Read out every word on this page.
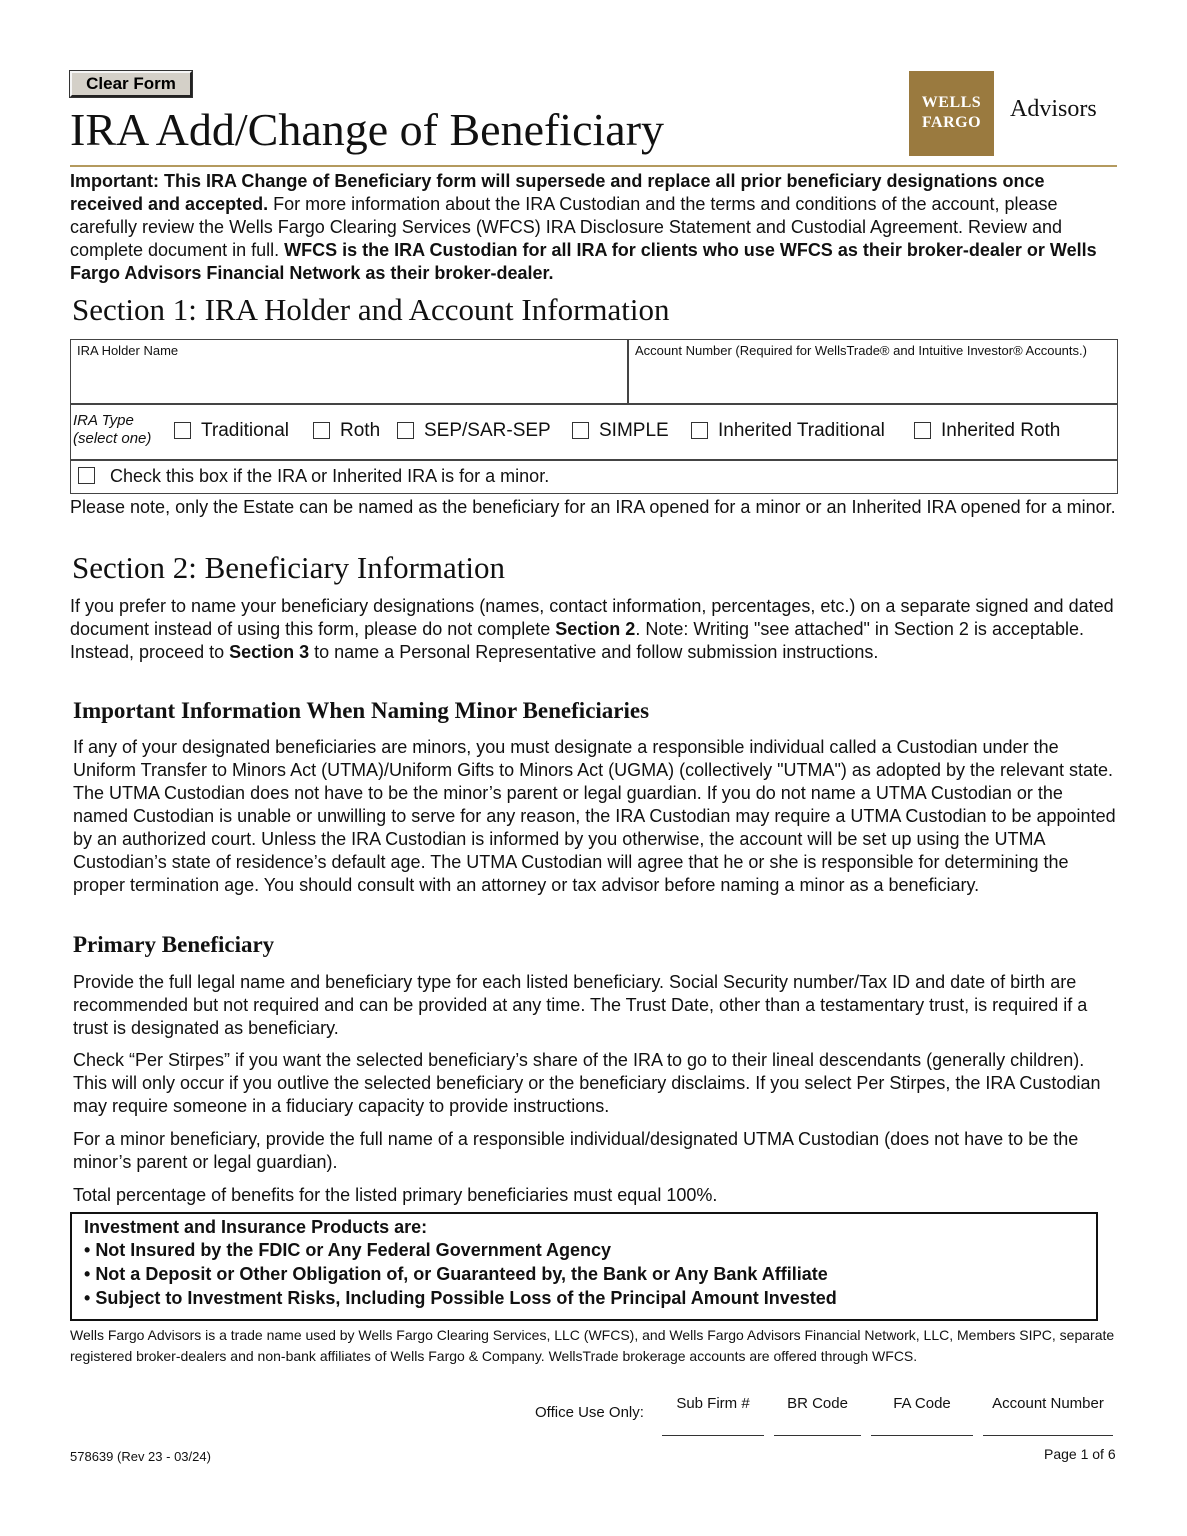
Clear Form
IRA Add/Change of Beneficiary
WELLS
FARGO
Advisors
Important: This IRA Change of Beneficiary form will supersede and replace all prior beneficiary designations once received and accepted. For more information about the IRA Custodian and the terms and conditions of the account, please carefully review the Wells Fargo Clearing Services (WFCS) IRA Disclosure Statement and Custodial Agreement. Review and complete document in full. WFCS is the IRA Custodian for all IRA for clients who use WFCS as their broker-dealer or Wells Fargo Advisors Financial Network as their broker-dealer.
Section 1: IRA Holder and Account Information
IRA Holder Name	Account Number (Required for WellsTrade® and Intuitive Investor® Accounts.)
IRA Type
(select one)	Traditional	Roth SEP/SAR-SEP	SIMPLE	Inherited Traditional	Inherited Roth
Check this box if the IRA or Inherited IRA is for a minor.
Please note, only the Estate can be named as the beneficiary for an IRA opened for a minor or an Inherited IRA opened for a minor.
Section 2: Beneficiary Information
If you prefer to name your beneficiary designations (names, contact information, percentages, etc.) on a separate signed and dated document instead of using this form, please do not complete Section 2. Note: Writing "see attached" in Section 2 is acceptable. Instead, proceed to Section 3 to name a Personal Representative and follow submission instructions.
Important Information When Naming Minor Beneficiaries
If any of your designated beneficiaries are minors, you must designate a responsible individual called a Custodian under the Uniform Transfer to Minors Act (UTMA)/Uniform Gifts to Minors Act (UGMA) (collectively "UTMA") as adopted by the relevant state. The UTMA Custodian does not have to be the minor’s parent or legal guardian. If you do not name a UTMA Custodian or the named Custodian is unable or unwilling to serve for any reason, the IRA Custodian may require a UTMA Custodian to be appointed by an authorized court. Unless the IRA Custodian is informed by you otherwise, the account will be set up using the UTMA Custodian’s state of residence’s default age. The UTMA Custodian will agree that he or she is responsible for determining the proper termination age. You should consult with an attorney or tax advisor before naming a minor as a beneficiary.
Primary Beneficiary
Provide the full legal name and beneficiary type for each listed beneficiary. Social Security number/Tax ID and date of birth are recommended but not required and can be provided at any time. The Trust Date, other than a testamentary trust, is required if a trust is designated as beneficiary.
Check “Per Stirpes” if you want the selected beneficiary’s share of the IRA to go to their lineal descendants (generally children). This will only occur if you outlive the selected beneficiary or the beneficiary disclaims. If you select Per Stirpes, the IRA Custodian may require someone in a fiduciary capacity to provide instructions.
For a minor beneficiary, provide the full name of a responsible individual/designated UTMA Custodian (does not have to be the minor’s parent or legal guardian).
Total percentage of benefits for the listed primary beneficiaries must equal 100%.
Investment and Insurance Products are:
• Not Insured by the FDIC or Any Federal Government Agency
• Not a Deposit or Other Obligation of, or Guaranteed by, the Bank or Any Bank Affiliate
• Subject to Investment Risks, Including Possible Loss of the Principal Amount Invested
Wells Fargo Advisors is a trade name used by Wells Fargo Clearing Services, LLC (WFCS), and Wells Fargo Advisors Financial Network, LLC, Members SIPC, separate registered broker-dealers and non-bank affiliates of Wells Fargo & Company. WellsTrade brokerage accounts are offered through WFCS.
Office Use Only:
Sub Firm #	BR Code	FA Code	Account Number
578639 (Rev 23 - 03/24)	Page 1 of 6
